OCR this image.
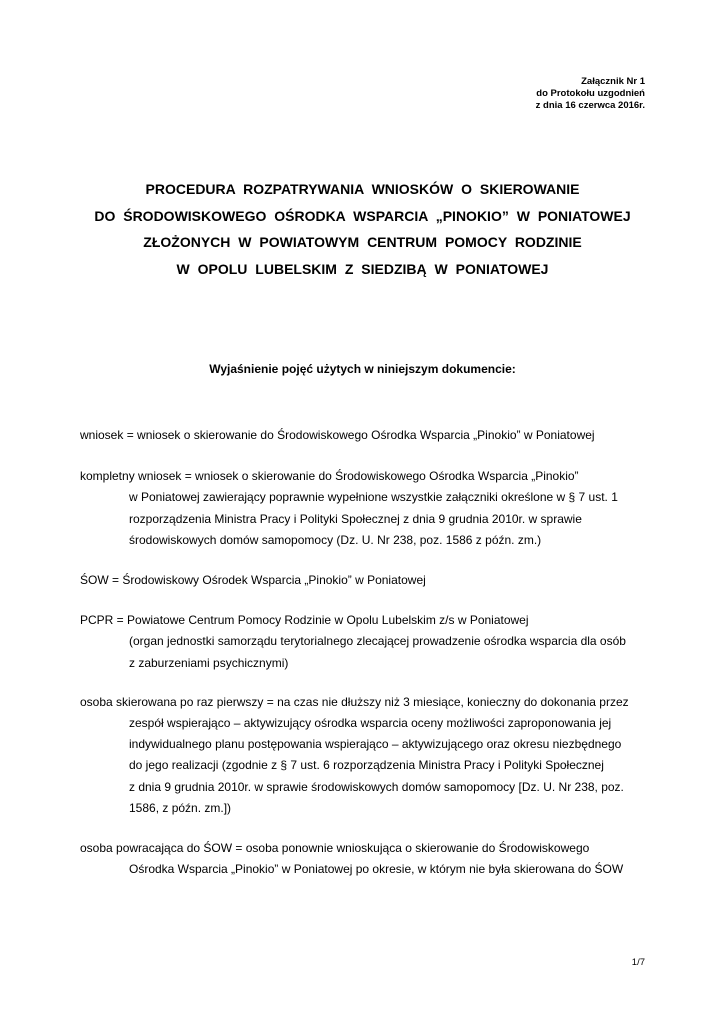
Załącznik Nr 1
do Protokołu uzgodnień
z dnia 16 czerwca 2016r.
PROCEDURA ROZPATRYWANIA WNIOSKÓW O SKIEROWANIE
DO ŚRODOWISKOWEGO OŚRODKA WSPARCIA „PINOKIO” W PONIATOWEJ
ZŁOŻONYCH W POWIATOWYM CENTRUM POMOCY RODZINIE
W OPOLU LUBELSKIM Z SIEDZIBĄ W PONIATOWEJ
Wyjaśnienie pojęć użytych w niniejszym dokumencie:
wniosek = wniosek o skierowanie do Środowiskowego Ośrodka Wsparcia „Pinokio” w Poniatowej
kompletny wniosek = wniosek o skierowanie do Środowiskowego Ośrodka Wsparcia „Pinokio”
w Poniatowej zawierający poprawnie wypełnione wszystkie załączniki określone w § 7 ust. 1
rozporządzenia Ministra Pracy i Polityki Społecznej z dnia 9 grudnia 2010r. w sprawie
środowiskowych domów samopomocy (Dz. U. Nr 238, poz. 1586 z późn. zm.)
ŚOW = Środowiskowy Ośrodek Wsparcia „Pinokio” w Poniatowej
PCPR = Powiatowe Centrum Pomocy Rodzinie w Opolu Lubelskim z/s w Poniatowej
(organ jednostki samorządu terytorialnego zlecającej prowadzenie ośrodka wsparcia dla osób
z zaburzeniami psychicznymi)
osoba skierowana po raz pierwszy = na czas nie dłuższy niż 3 miesiące, konieczny do dokonania przez
zespół wspierająco – aktywizujący ośrodka wsparcia oceny możliwości zaproponowania jej
indywidualnego planu postępowania wspierająco – aktywizującego oraz okresu niezbędnego
do jego realizacji (zgodnie z § 7 ust. 6 rozporządzenia Ministra Pracy i Polityki Społecznej
z dnia 9 grudnia 2010r. w sprawie środowiskowych domów samopomocy [Dz. U. Nr 238, poz.
1586, z późn. zm.])
osoba powracająca do ŚOW = osoba ponownie wnioskująca o skierowanie do Środowiskowego
Ośrodka Wsparcia „Pinokio” w Poniatowej po okresie, w którym nie była skierowana do ŚOW
1/7
